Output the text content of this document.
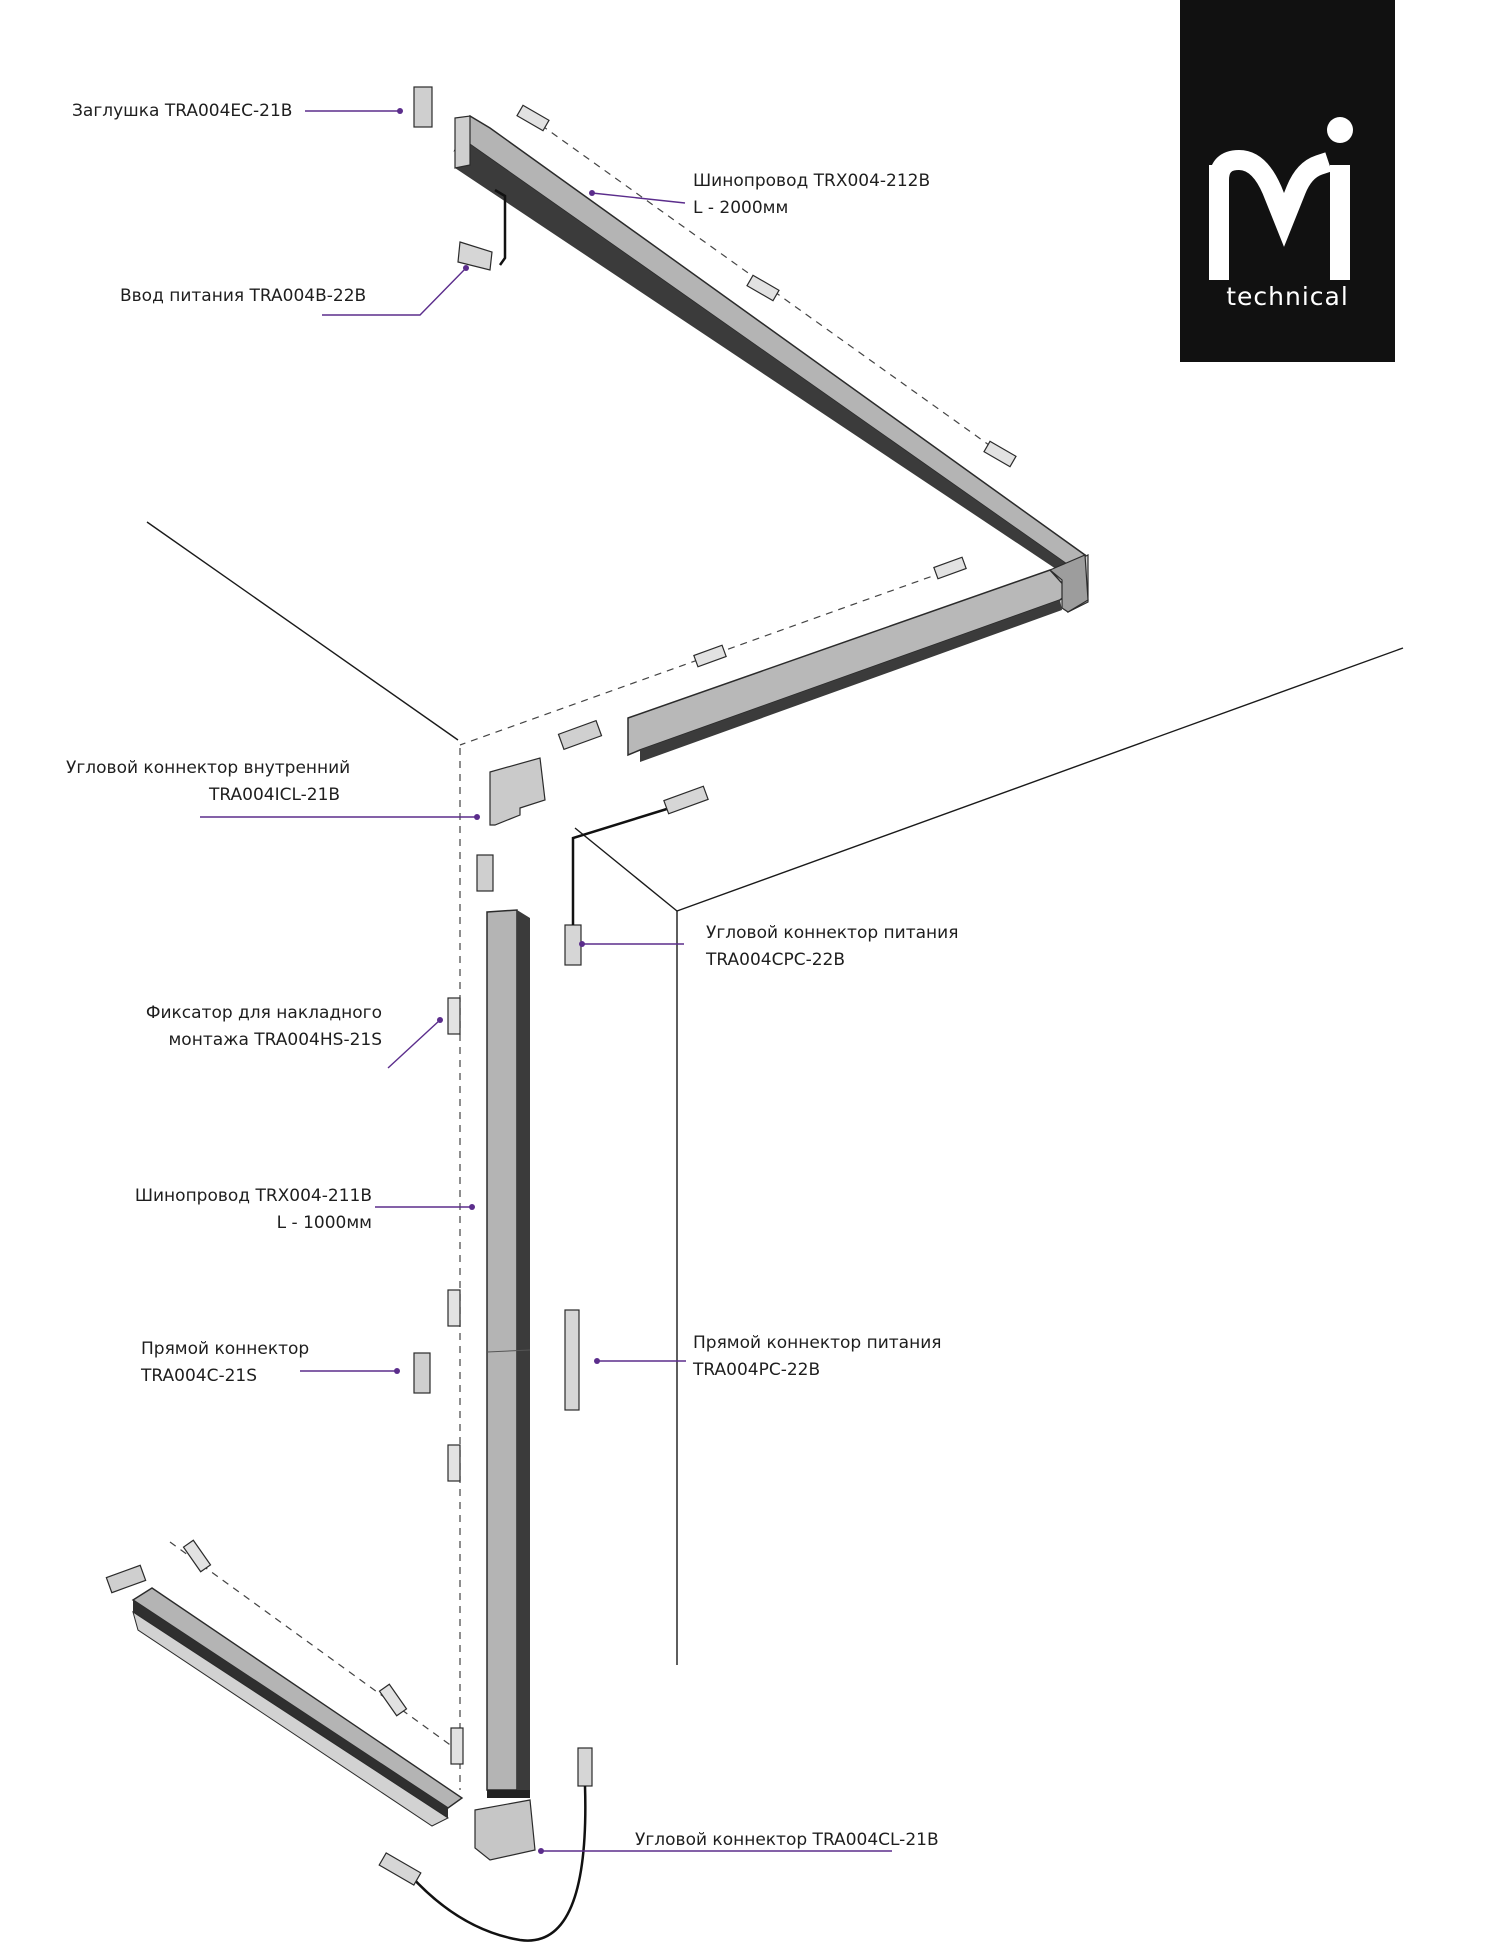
technical
Заглушка TRA004EC-21B
Шинопровод TRX004-212B
L - 2000мм
Ввод питания TRA004B-22B
Угловой коннектор внутренний
TRA004ICL-21B
Угловой коннектор питания
TRA004CPC-22B
Фиксатор для накладного
монтажа TRA004HS-21S
Шинопровод TRX004-211B
L - 1000мм
Прямой коннектор
TRA004C-21S
Прямой коннектор питания
TRA004PC-22B
Угловой коннектор TRA004CL-21B
